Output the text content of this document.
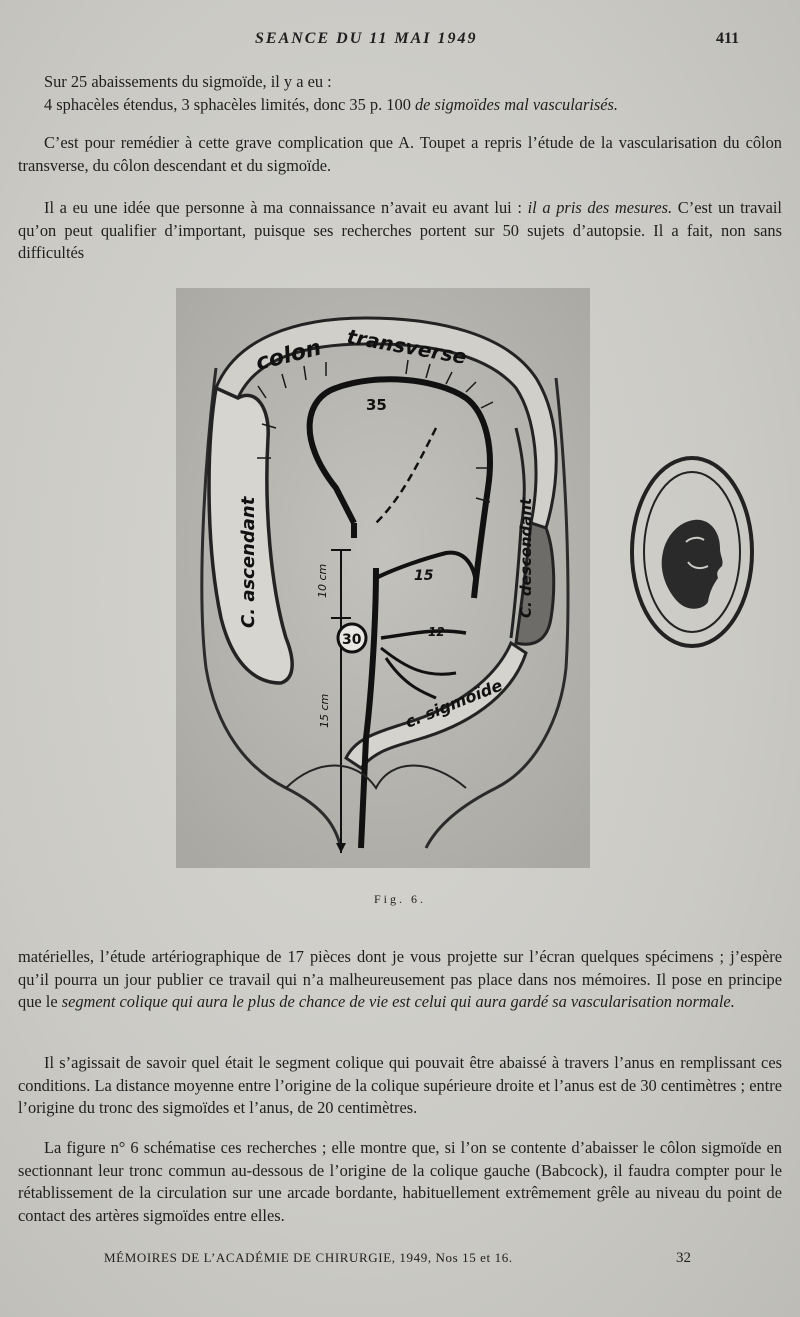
SEANCE DU 11 MAI 1949	411

Sur 25 abaissements du sigmoïde, il y a eu :
4 sphacèles étendus, 3 sphacèles limités, donc 35 p. 100 de sigmoïdes mal vascularisés.

C’est pour remédier à cette grave complication que A. Toupet a repris l’étude de la vascularisation du côlon transverse, du côlon descendant et du sigmoïde.

Il a eu une idée que personne à ma connaissance n’avait eu avant lui : il a pris des mesures. C’est un travail qu’on peut qualifier d’important, puisque ses recherches portent sur 50 sujets d’autopsie. Il a fait, non sans difficultés

colon transverse
C. ascendant	C. descendant
c. sigmoïde
35
30
15
12
10 cm
15 cm
Fig. 6.

matérielles, l’étude artériographique de 17 pièces dont je vous projette sur l’écran quelques spécimens ; j’espère qu’il pourra un jour publier ce travail qui n’a malheureusement pas place dans nos mémoires. Il pose en principe que le segment colique qui aura le plus de chance de vie est celui qui aura gardé sa vascularisation normale.

Il s’agissait de savoir quel était le segment colique qui pouvait être abaissé à travers l’anus en remplissant ces conditions. La distance moyenne entre l’origine de la colique supérieure droite et l’anus est de 30 centimètres ; entre l’origine du tronc des sigmoïdes et l’anus, de 20 centimètres.

La figure n° 6 schématise ces recherches ; elle montre que, si l’on se contente d’abaisser le côlon sigmoïde en sectionnant leur tronc commun au-dessous de l’origine de la colique gauche (Babcock), il faudra compter pour le rétablissement de la circulation sur une arcade bordante, habituellement extrêmement grêle au niveau du point de contact des artères sigmoïdes entre elles.

MÉMOIRES DE L’ACADÉMIE DE CHIRURGIE, 1949, Nos 15 et 16.	32
